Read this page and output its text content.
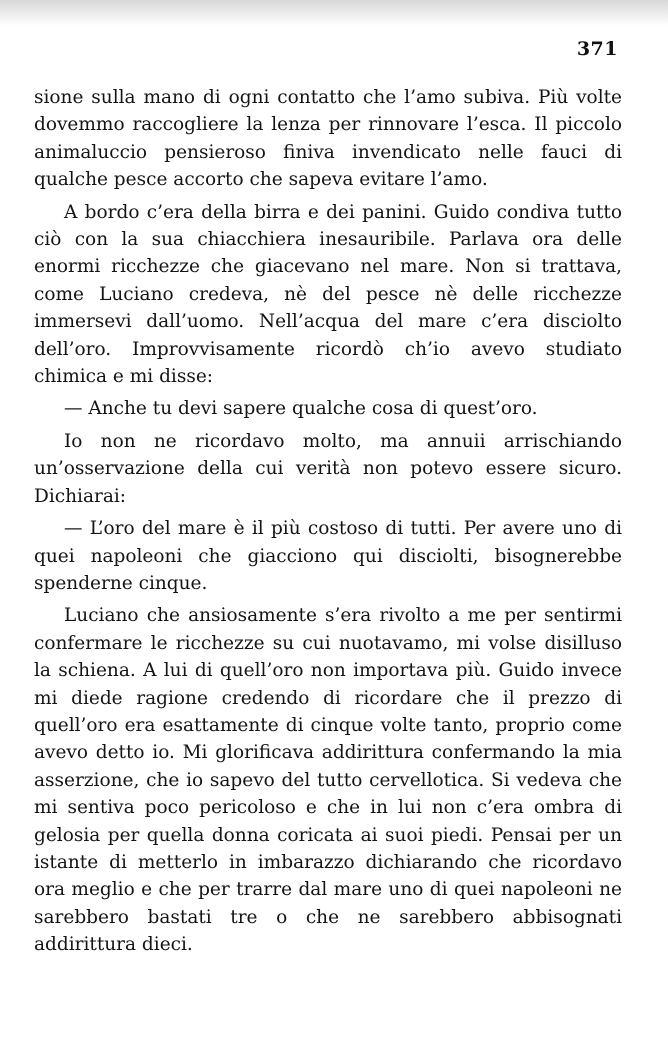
371

sione sulla mano di ogni contatto che l’amo subiva. Più volte dovemmo raccogliere la lenza per rinnovare l’esca. Il piccolo animaluccio pensieroso finiva invendicato nelle fauci di qualche pesce accorto che sapeva evitare l’amo.

A bordo c’era della birra e dei panini. Guido condiva tutto ciò con la sua chiacchiera inesauribile. Parlava ora delle enormi ricchezze che giacevano nel mare. Non si trattava, come Luciano credeva, nè del pesce nè delle ricchezze immersevi dall’uomo. Nell’acqua del mare c’era disciolto dell’oro. Improvvisamente ricordò ch’io avevo studiato chimica e mi disse:

— Anche tu devi sapere qualche cosa di quest’oro.

Io non ne ricordavo molto, ma annuii arrischiando un’osservazione della cui verità non potevo essere sicuro. Dichiarai:

— L’oro del mare è il più costoso di tutti. Per avere uno di quei napoleoni che giacciono qui disciolti, bisognerebbe spenderne cinque.

Luciano che ansiosamente s’era rivolto a me per sentirmi confermare le ricchezze su cui nuotavamo, mi volse disilluso la schiena. A lui di quell’oro non importava più. Guido invece mi diede ragione credendo di ricordare che il prezzo di quell’oro era esattamente di cinque volte tanto, proprio come avevo detto io. Mi glorificava addirittura confermando la mia asserzione, che io sapevo del tutto cervellotica. Si vedeva che mi sentiva poco pericoloso e che in lui non c’era ombra di gelosia per quella donna coricata ai suoi piedi. Pensai per un istante di metterlo in imbarazzo dichiarando che ricordavo ora meglio e che per trarre dal mare uno di quei napoleoni ne sarebbero bastati tre o che ne sarebbero abbisognati addirittura dieci.
